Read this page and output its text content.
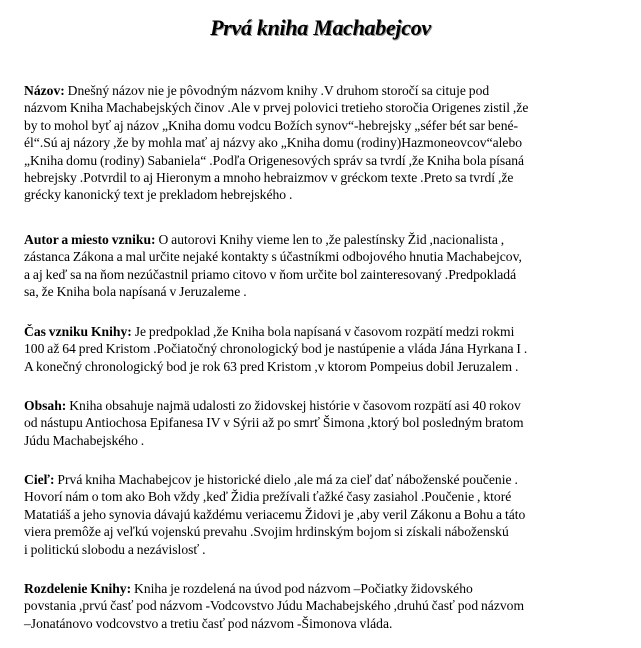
Prvá kniha Machabejcov
Názov: Dnešný názov nie je pôvodným názvom knihy .V druhom storočí sa cituje pod
názvom Kniha Machabejských činov .Ale v prvej polovici tretieho storočia Origenes zistil ,že
by to mohol byť aj názov „Kniha domu vodcu Božích synov“-hebrejsky „séfer bét sar bené-
él“.Sú aj názory ,že by mohla mať aj názvy ako „Kniha domu (rodiny)Hazmoneovcov“alebo
„Kniha domu (rodiny) Sabaniela“ .Podľa Origenesových správ sa tvrdí ,že Kniha bola písaná
hebrejsky .Potvrdil to aj Hieronym a mnoho hebraizmov v gréckom texte .Preto sa tvrdí ,že
grécky kanonický text je prekladom hebrejského .
Autor a miesto vzniku: O autorovi Knihy vieme len to ,že palestínsky Žid ,nacionalista ,
zástanca Zákona a mal určite nejaké kontakty s účastníkmi odbojového hnutia Machabejcov,
a aj keď sa na ňom nezúčastnil priamo citovo v ňom určite bol zainteresovaný .Predpokladá
sa, že Kniha bola napísaná v Jeruzaleme .
Čas vzniku Knihy: Je predpoklad ,že Kniha bola napísaná v časovom rozpätí medzi rokmi
100 až 64 pred Kristom .Počiatočný chronologický bod je nastúpenie a vláda Jána Hyrkana I .
A konečný chronologický bod je rok 63 pred Kristom ,v ktorom Pompeius dobil Jeruzalem .
Obsah: Kniha obsahuje najmä udalosti zo židovskej histórie v časovom rozpätí asi 40 rokov
od nástupu Antiochosa Epifanesa IV v Sýrii až po smrť Šimona ,ktorý bol posledným bratom
Júdu Machabejského .
Cieľ: Prvá kniha Machabejcov je historické dielo ,ale má za cieľ dať náboženské poučenie .
Hovorí nám o tom ako Boh vždy ,keď Židia prežívali ťažké časy zasiahol .Poučenie , ktoré
Matatiáš a jeho synovia dávajú každému veriacemu Židovi je ,aby veril Zákonu a Bohu a táto
viera premôže aj veľkú vojenskú prevahu .Svojim hrdinským bojom si získali náboženskú
i politickú slobodu a nezávislosť .
Rozdelenie Knihy: Kniha je rozdelená na úvod pod názvom –Počiatky židovského
povstania ,prvú časť pod názvom -Vodcovstvo Júdu Machabejského ,druhú časť pod názvom
–Jonatánovo vodcovstvo a tretiu časť pod názvom -Šimonova vláda.
